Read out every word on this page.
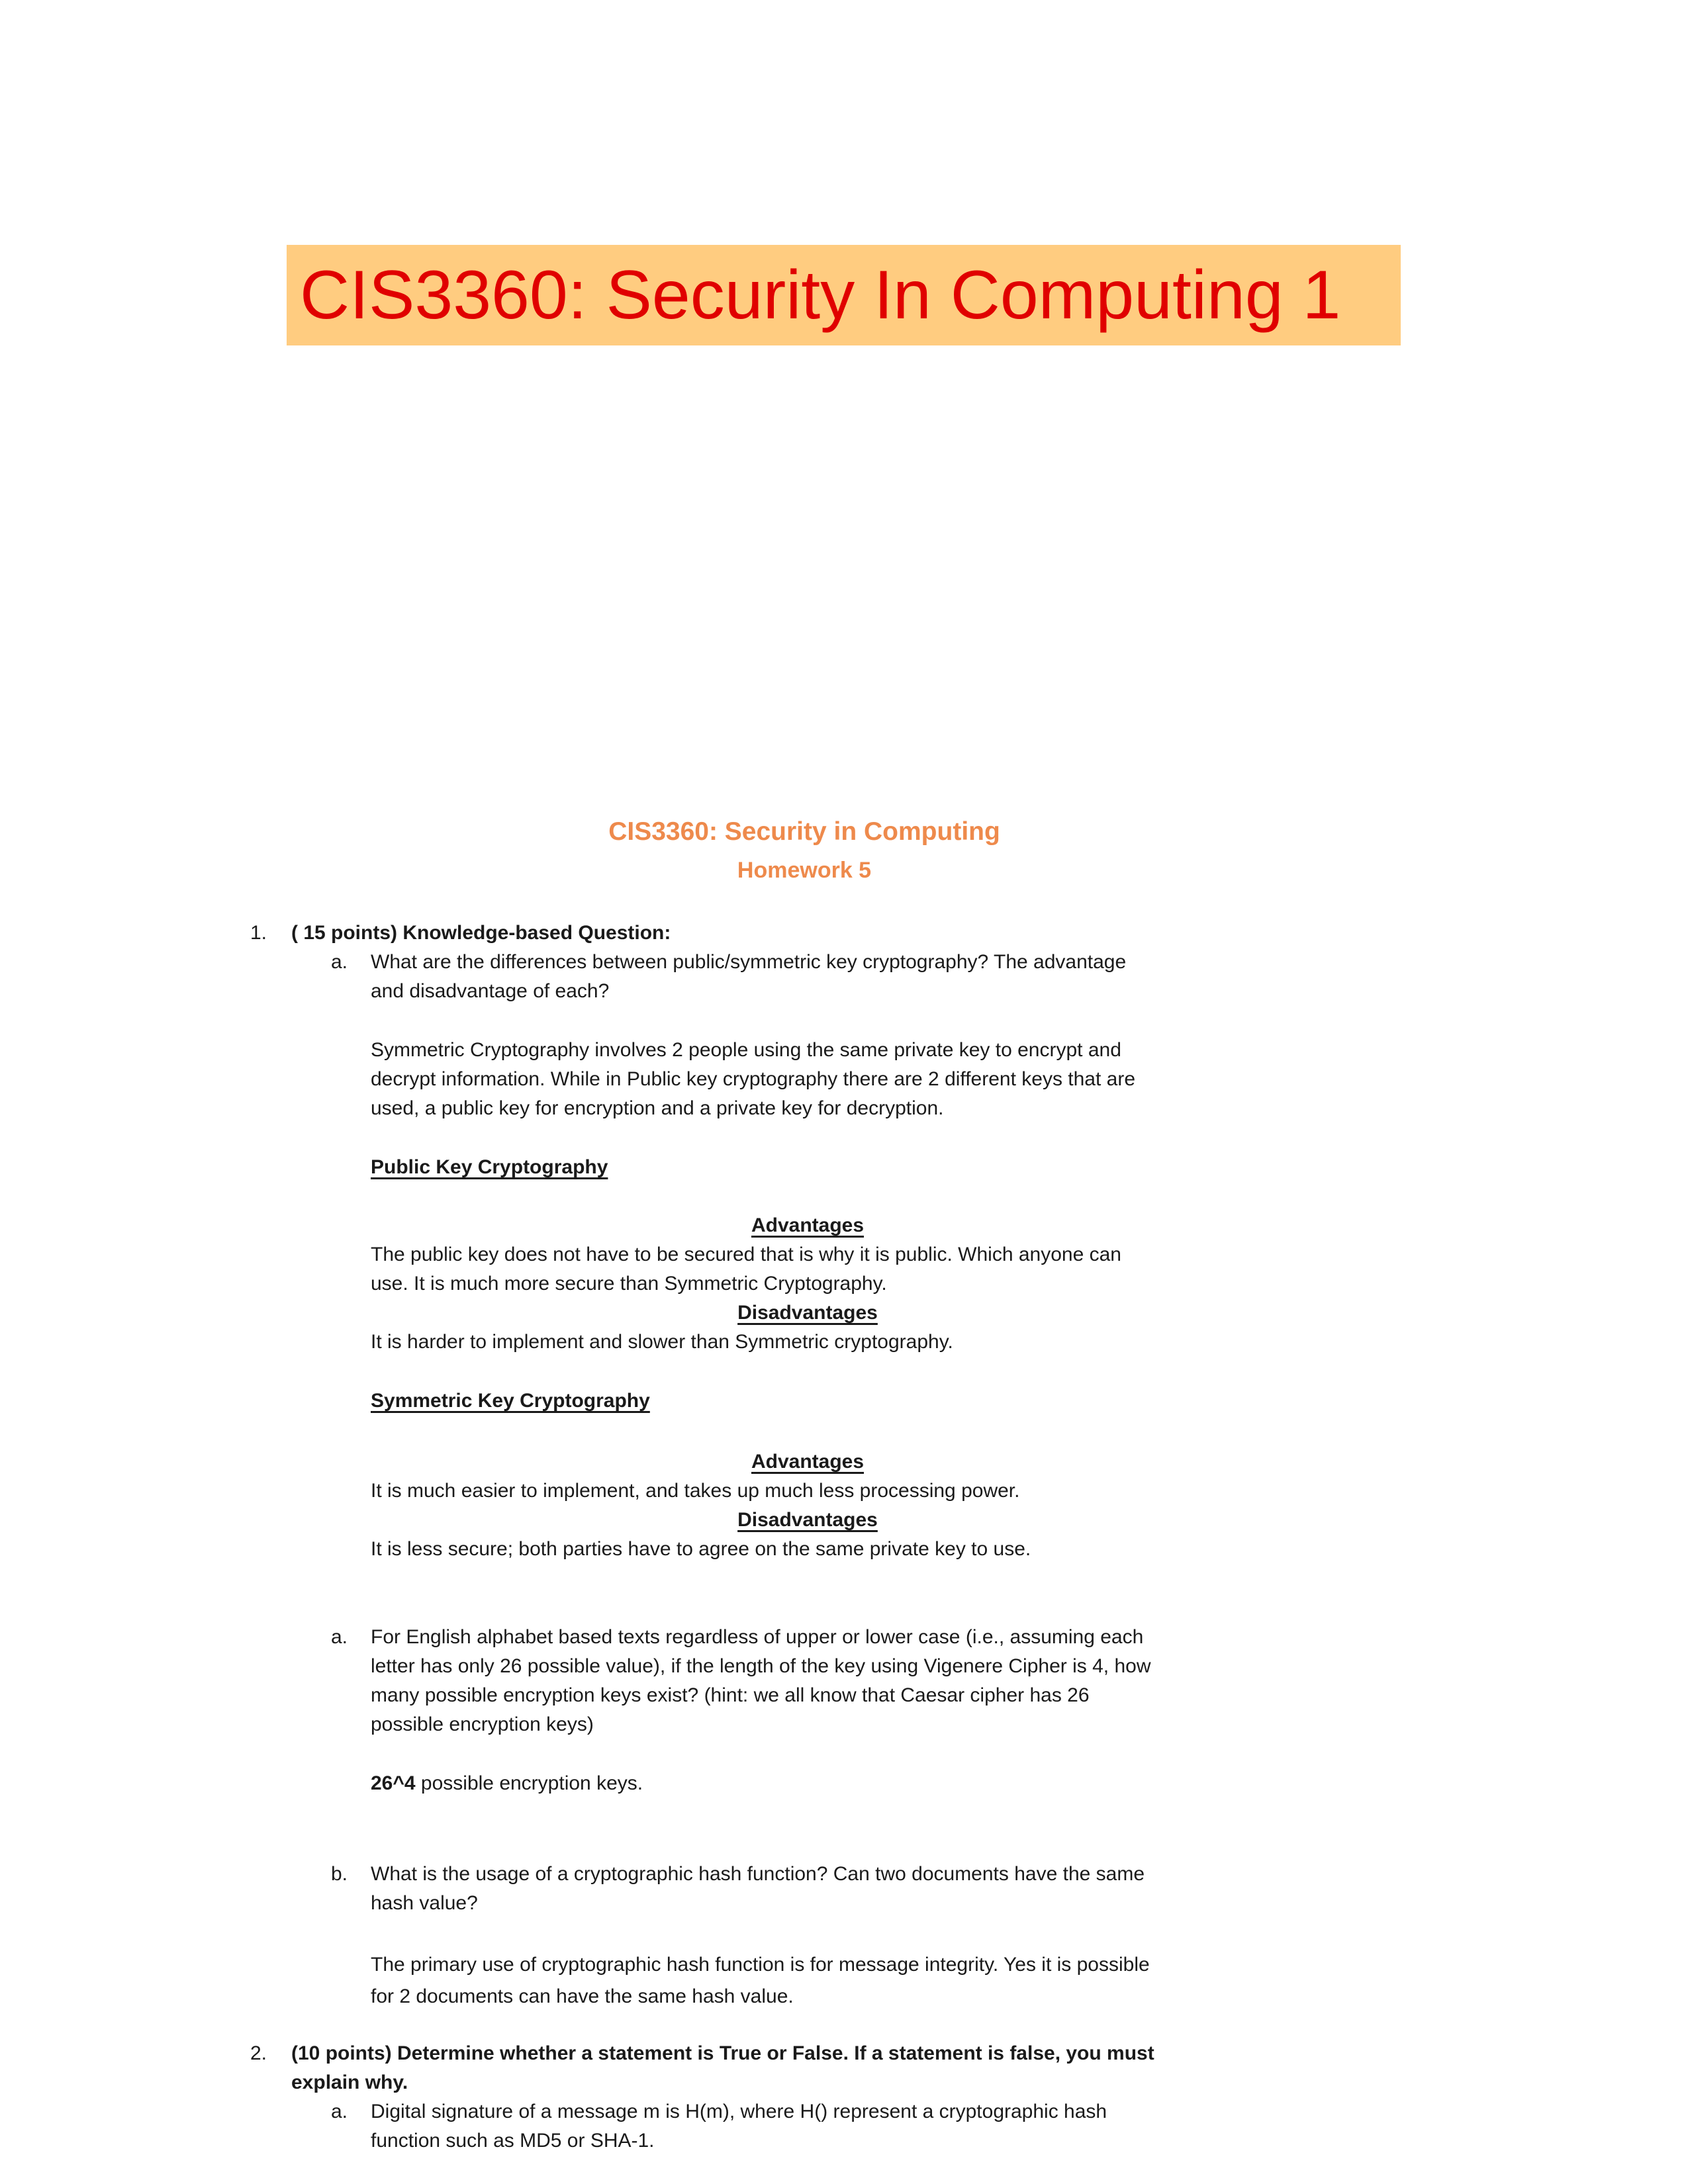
CIS3360: Security In Computing 1
CIS3360: Security in Computing
Homework 5
1. ( 15 points) Knowledge-based Question:
a. What are the differences between public/symmetric key cryptography? The advantage
and disadvantage of each?
Symmetric Cryptography involves 2 people using the same private key to encrypt and
decrypt information. While in Public key cryptography there are 2 different keys that are
used, a public key for encryption and a private key for decryption.
Public Key Cryptography
Advantages
The public key does not have to be secured that is why it is public. Which anyone can
use. It is much more secure than Symmetric Cryptography.
Disadvantages
It is harder to implement and slower than Symmetric cryptography.
Symmetric Key Cryptography
Advantages
It is much easier to implement, and takes up much less processing power.
Disadvantages
It is less secure; both parties have to agree on the same private key to use.
a. For English alphabet based texts regardless of upper or lower case (i.e., assuming each
letter has only 26 possible value), if the length of the key using Vigenere Cipher is 4, how
many possible encryption keys exist? (hint: we all know that Caesar cipher has 26
possible encryption keys)
26^4 possible encryption keys.
b. What is the usage of a cryptographic hash function? Can two documents have the same
hash value?
The primary use of cryptographic hash function is for message integrity. Yes it is possible
for 2 documents can have the same hash value.
2. (10 points) Determine whether a statement is True or False. If a statement is false, you must
explain why.
a. Digital signature of a message m is H(m), where H() represent a cryptographic hash
function such as MD5 or SHA-1.
